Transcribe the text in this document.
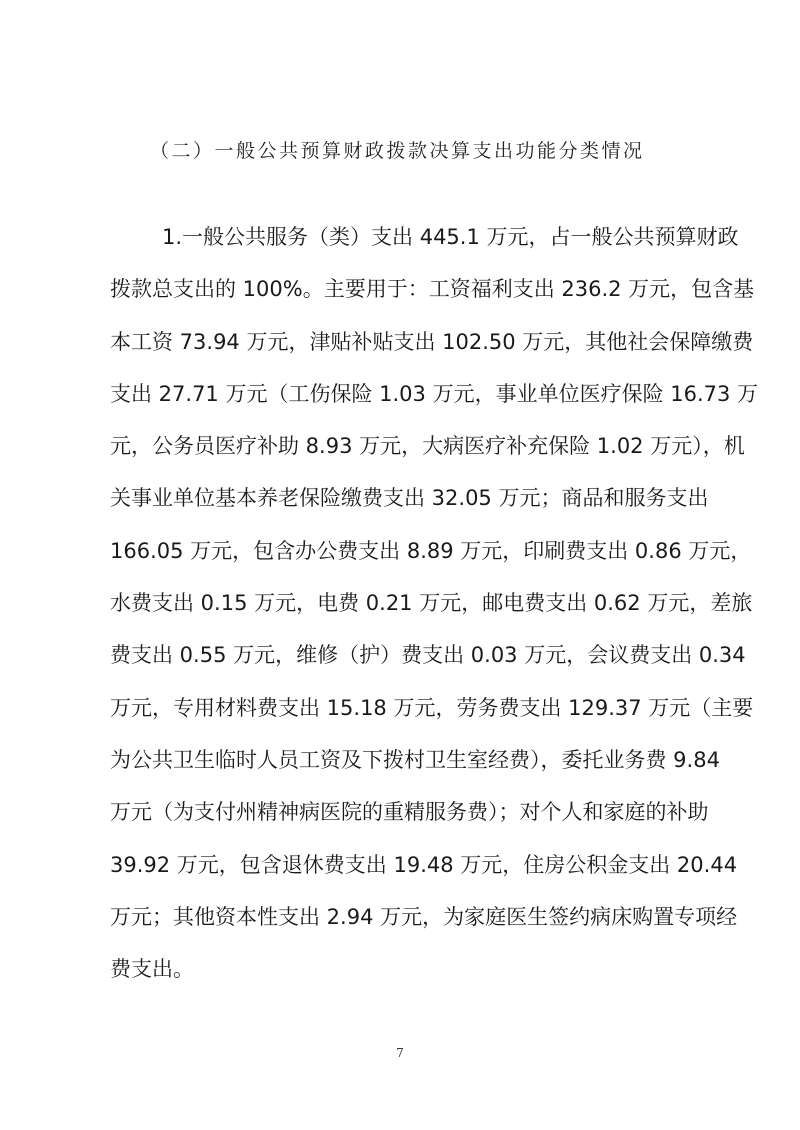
（二）一般公共预算财政拨款决算支出功能分类情况
1.一般公共服务（类）支出 445.1 万元，占一般公共预算财政
拨款总支出的 100%。主要用于：工资福利支出 236.2 万元，包含基
本工资 73.94 万元，津贴补贴支出 102.50 万元，其他社会保障缴费
支出 27.71 万元（工伤保险 1.03 万元，事业单位医疗保险 16.73 万
元，公务员医疗补助 8.93 万元，大病医疗补充保险 1.02 万元），机
关事业单位基本养老保险缴费支出 32.05 万元；商品和服务支出
166.05 万元，包含办公费支出 8.89 万元，印刷费支出 0.86 万元，
水费支出 0.15 万元，电费 0.21 万元，邮电费支出 0.62 万元，差旅
费支出 0.55 万元，维修（护）费支出 0.03 万元，会议费支出 0.34
万元，专用材料费支出 15.18 万元，劳务费支出 129.37 万元（主要
为公共卫生临时人员工资及下拨村卫生室经费），委托业务费 9.84
万元（为支付州精神病医院的重精服务费）；对个人和家庭的补助
39.92 万元，包含退休费支出 19.48 万元，住房公积金支出 20.44
万元；其他资本性支出 2.94 万元，为家庭医生签约病床购置专项经
费支出。
7
